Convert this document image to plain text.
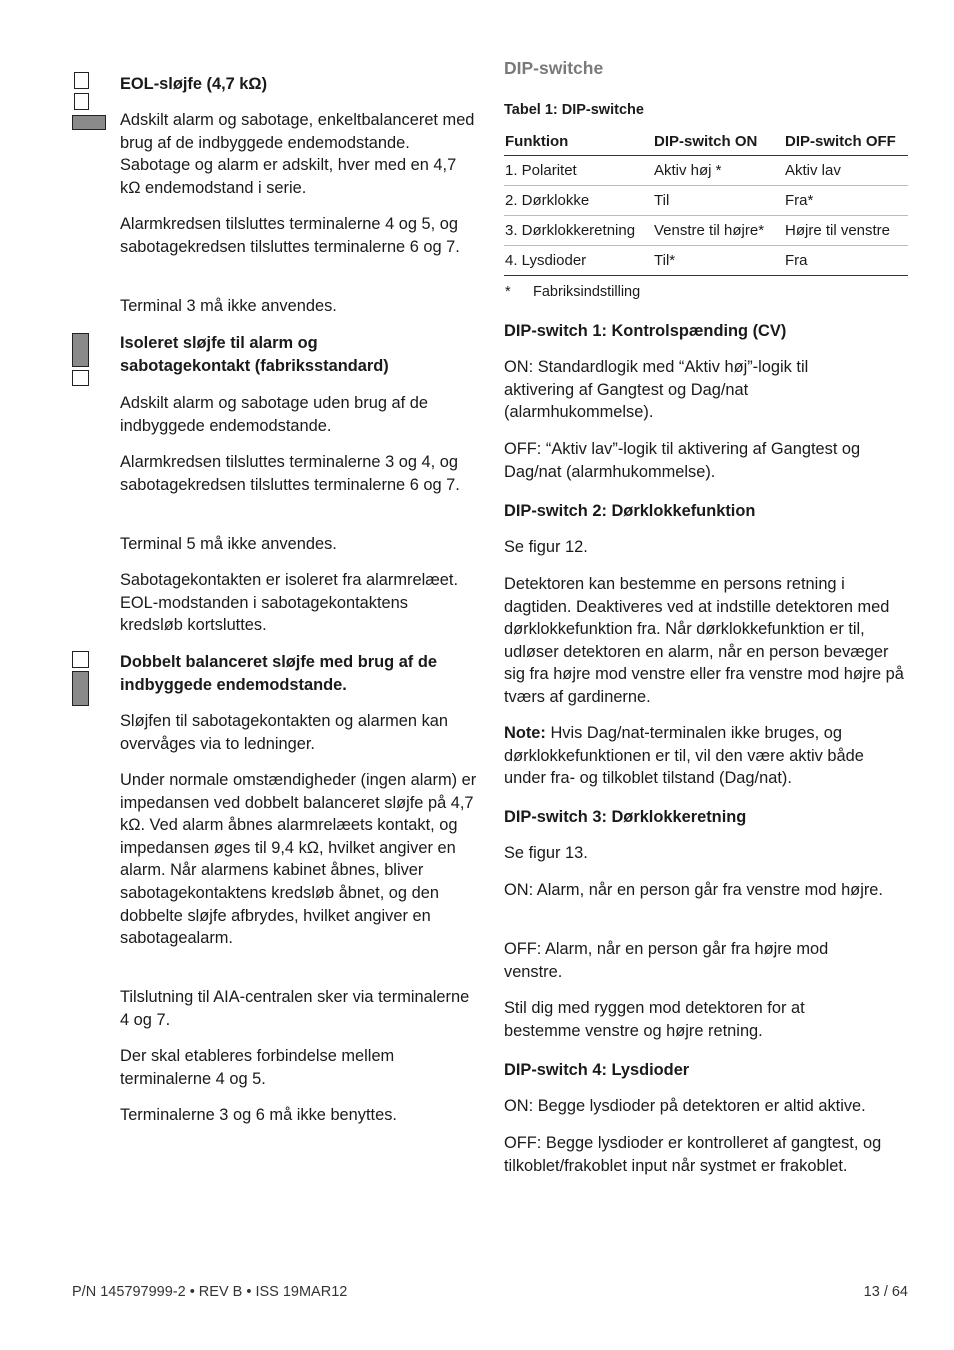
EOL-sløjfe (4,7 kΩ)

Adskilt alarm og sabotage, enkeltbalanceret med brug af de indbyggede endemodstande. Sabotage og alarm er adskilt, hver med en 4,7 kΩ endemodstand i serie.

Alarmkredsen tilsluttes terminalerne 4 og 5, og sabotagekredsen tilsluttes terminalerne 6 og 7.

Terminal 3 må ikke anvendes.

Isoleret sløjfe til alarm og sabotagekontakt (fabriksstandard)

Adskilt alarm og sabotage uden brug af de indbyggede endemodstande.

Alarmkredsen tilsluttes terminalerne 3 og 4, og sabotagekredsen tilsluttes terminalerne 6 og 7.

Terminal 5 må ikke anvendes.

Sabotagekontakten er isoleret fra alarmrelæet. EOL-modstanden i sabotagekontaktens kredsløb kortsluttes.

Dobbelt balanceret sløjfe med brug af de indbyggede endemodstande.

Sløjfen til sabotagekontakten og alarmen kan overvåges via to ledninger.

Under normale omstændigheder (ingen alarm) er impedansen ved dobbelt balanceret sløjfe på 4,7 kΩ. Ved alarm åbnes alarmrelæets kontakt, og impedansen øges til 9,4 kΩ, hvilket angiver en alarm. Når alarmens kabinet åbnes, bliver sabotagekontaktens kredsløb åbnet, og den dobbelte sløjfe afbrydes, hvilket angiver en sabotagealarm.

Tilslutning til AIA-centralen sker via terminalerne 4 og 7.

Der skal etableres forbindelse mellem terminalerne 4 og 5.

Terminalerne 3 og 6 må ikke benyttes.

DIP-switche
Tabel 1: DIP-switche
Funktion	DIP-switch ON	DIP-switch OFF
1. Polaritet	Aktiv høj *	Aktiv lav
2. Dørklokke	Til	Fra*
3. Dørklokkeretning	Venstre til højre*	Højre til venstre
4. Lysdioder	Til*	Fra
* Fabriksindstilling

DIP-switch 1: Kontrolspænding (CV)

ON: Standardlogik med “Aktiv høj”-logik til aktivering af Gangtest og Dag/nat (alarmhukommelse).

OFF: “Aktiv lav”-logik til aktivering af Gangtest og Dag/nat (alarmhukommelse).

DIP-switch 2: Dørklokkefunktion

Se figur 12.

Detektoren kan bestemme en persons retning i dagtiden. Deaktiveres ved at indstille detektoren med dørklokkefunktion fra. Når dørklokkefunktion er til, udløser detektoren en alarm, når en person bevæger sig fra højre mod venstre eller fra venstre mod højre på tværs af gardinerne.

Note: Hvis Dag/nat-terminalen ikke bruges, og dørklokkefunktionen er til, vil den være aktiv både under fra- og tilkoblet tilstand (Dag/nat).

DIP-switch 3: Dørklokkeretning

Se figur 13.

ON: Alarm, når en person går fra venstre mod højre.

OFF: Alarm, når en person går fra højre mod venstre.

Stil dig med ryggen mod detektoren for at bestemme venstre og højre retning.

DIP-switch 4: Lysdioder

ON: Begge lysdioder på detektoren er altid aktive.

OFF: Begge lysdioder er kontrolleret af gangtest, og tilkoblet/frakoblet input når systmet er frakoblet.

P/N 145797999-2 • REV B • ISS 19MAR12	13 / 64
